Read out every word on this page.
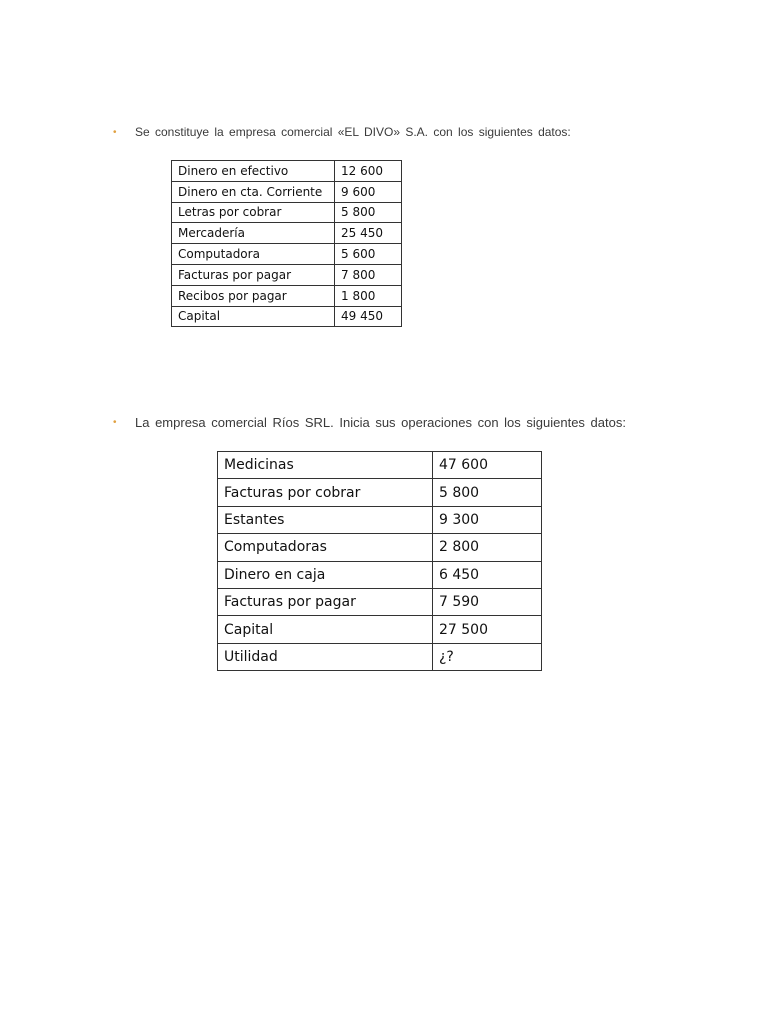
•	Se constituye la empresa comercial «EL DIVO» S.A. con los siguientes datos:
Dinero en efectivo	12 600
Dinero en cta. Corriente	9 600
Letras por cobrar	5 800
Mercadería	25 450
Computadora	5 600
Facturas por pagar	7 800
Recibos por pagar	1 800
Capital	49 450
•	La empresa comercial Ríos SRL. Inicia sus operaciones con los siguientes datos:
Medicinas	47 600
Facturas por cobrar	5 800
Estantes	9 300
Computadoras	2 800
Dinero en caja	6 450
Facturas por pagar	7 590
Capital	27 500
Utilidad	¿?
